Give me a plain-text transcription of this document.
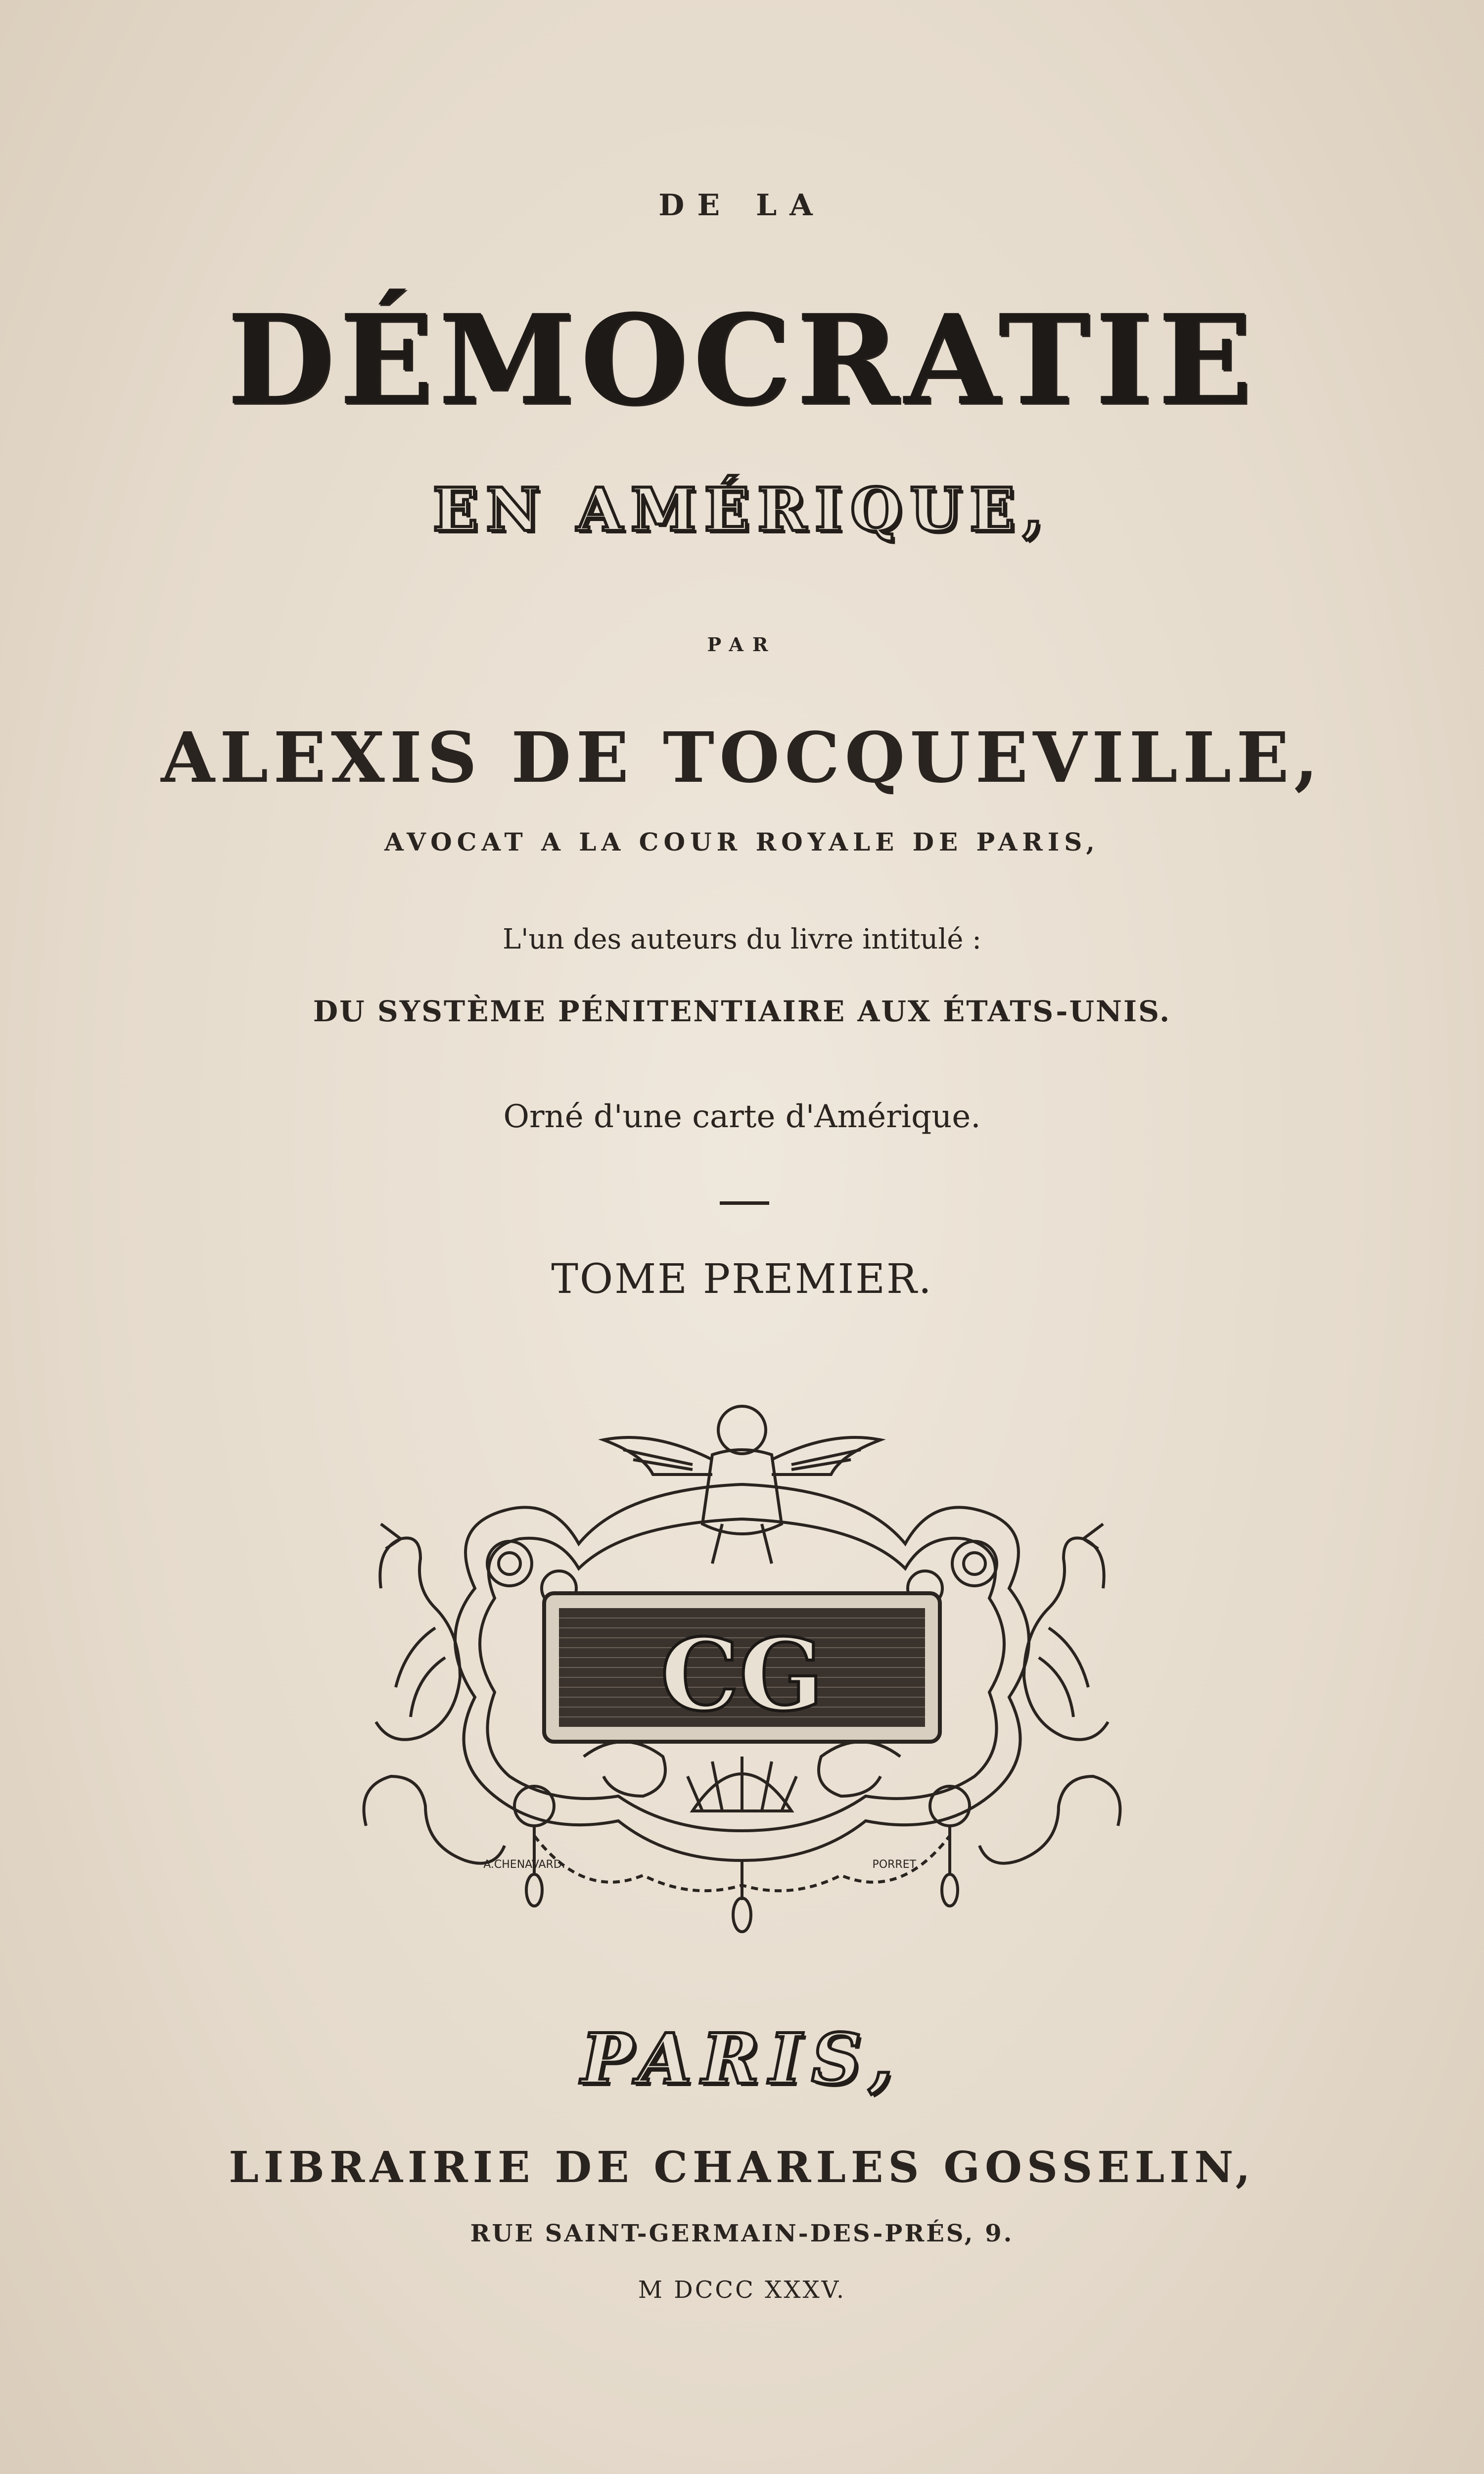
DE LA
DÉMOCRATIE
EN AMÉRIQUE,
PAR
ALEXIS DE TOCQUEVILLE,
AVOCAT A LA COUR ROYALE DE PARIS,
L'un des auteurs du livre intitulé :
DU SYSTÈME PÉNITENTIAIRE AUX ÉTATS-UNIS.
Orné d'une carte d'Amérique.
TOME PREMIER.
CG
A.CHENAVARD.	PORRET.
PARIS,
LIBRAIRIE DE CHARLES GOSSELIN,
RUE SAINT-GERMAIN-DES-PRÉS, 9.
M DCCC XXXV.
